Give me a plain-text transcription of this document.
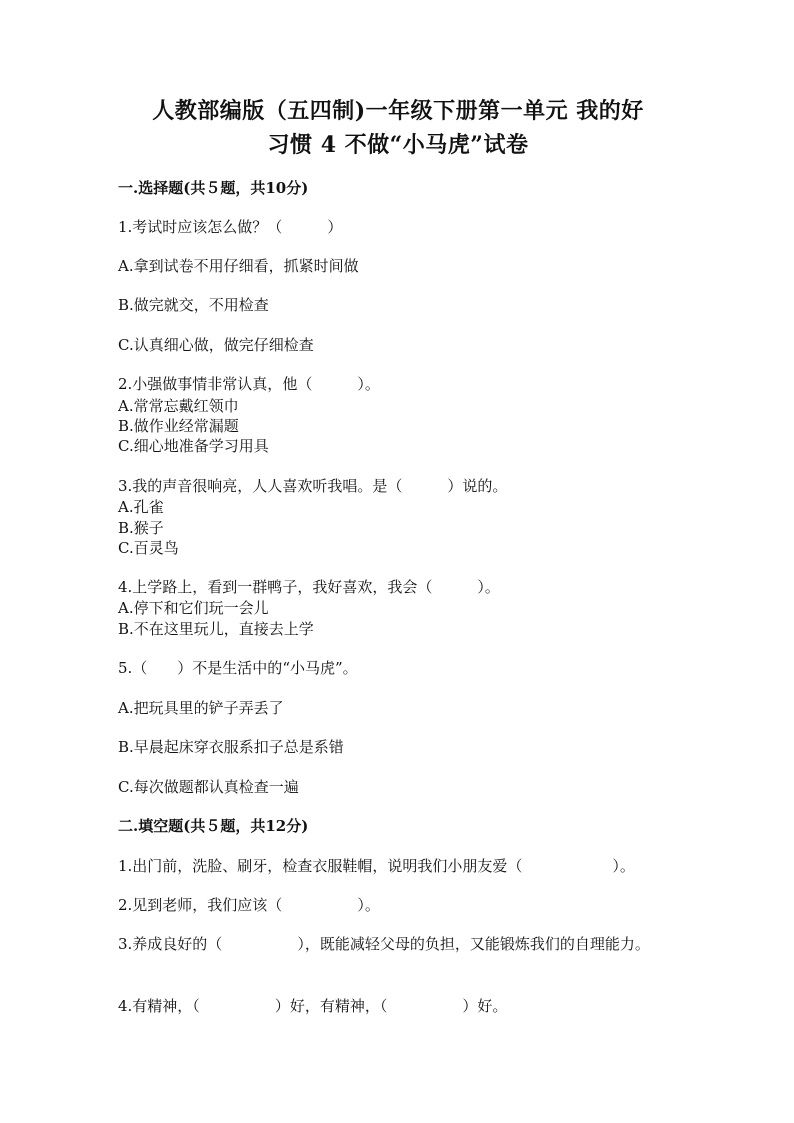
人教部编版（五四制)一年级下册第一单元 我的好
习惯 4 不做“小马虎”试卷
一.选择题(共５题，共10分)
1.考试时应该怎么做？（　　　）
A.拿到试卷不用仔细看，抓紧时间做
B.做完就交，不用检查
C.认真细心做，做完仔细检查
2.小强做事情非常认真，他（　　　）。
A.常常忘戴红领巾
B.做作业经常漏题
C.细心地准备学习用具
3.我的声音很响亮，人人喜欢听我唱。是（　　　）说的。
A.孔雀
B.猴子
C.百灵鸟
4.上学路上，看到一群鸭子，我好喜欢，我会（　　　）。
A.停下和它们玩一会儿
B.不在这里玩儿，直接去上学
5.（　　）不是生活中的“小马虎”。
A.把玩具里的铲子弄丢了
B.早晨起床穿衣服系扣子总是系错
C.每次做题都认真检查一遍
二.填空题(共５题，共12分)
1.出门前，洗脸、刷牙，检查衣服鞋帽，说明我们小朋友爱（　　　　　　）。
2.见到老师，我们应该（　　　　　）。
3.养成良好的（　　　　　），既能减轻父母的负担，又能锻炼我们的自理能力。
4.有精神，（　　　　　）好，有精神，（　　　　　）好。
